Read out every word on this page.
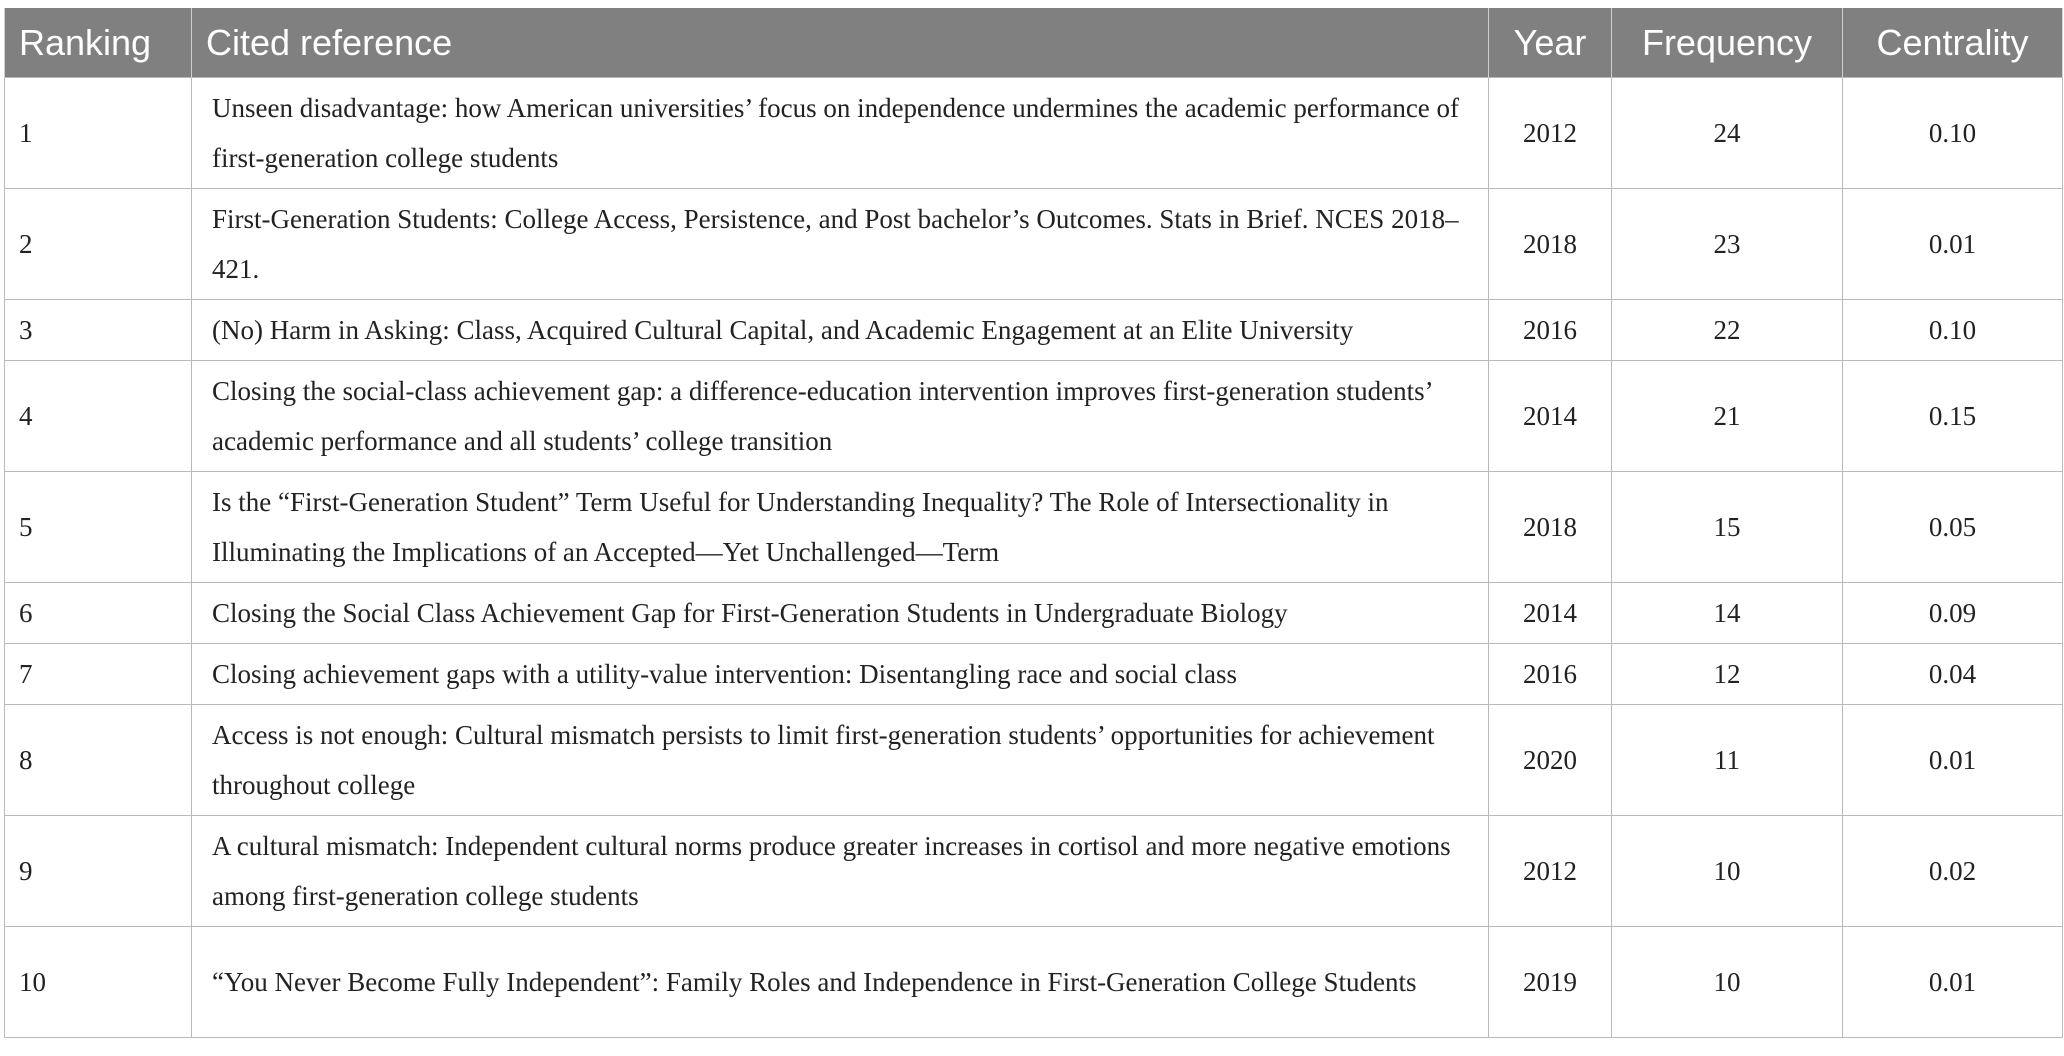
Ranking	Cited reference	Year	Frequency	Centrality
1	Unseen disadvantage: how American universities’ focus on independence undermines the academic performance of first-generation college students	2012	24	0.10
2	First-Generation Students: College Access, Persistence, and Post bachelor’s Outcomes. Stats in Brief. NCES 2018–421.	2018	23	0.01
3	(No) Harm in Asking: Class, Acquired Cultural Capital, and Academic Engagement at an Elite University	2016	22	0.10
4	Closing the social-class achievement gap: a difference-education intervention improves first-generation students’ academic performance and all students’ college transition	2014	21	0.15
5	Is the “First-Generation Student” Term Useful for Understanding Inequality? The Role of Intersectionality in Illuminating the Implications of an Accepted—Yet Unchallenged—Term	2018	15	0.05
6	Closing the Social Class Achievement Gap for First-Generation Students in Undergraduate Biology	2014	14	0.09
7	Closing achievement gaps with a utility-value intervention: Disentangling race and social class	2016	12	0.04
8	Access is not enough: Cultural mismatch persists to limit first-generation students’ opportunities for achievement throughout college	2020	11	0.01
9	A cultural mismatch: Independent cultural norms produce greater increases in cortisol and more negative emotions among first-generation college students	2012	10	0.02
10	“You Never Become Fully Independent”: Family Roles and Independence in First-Generation College Students	2019	10	0.01
